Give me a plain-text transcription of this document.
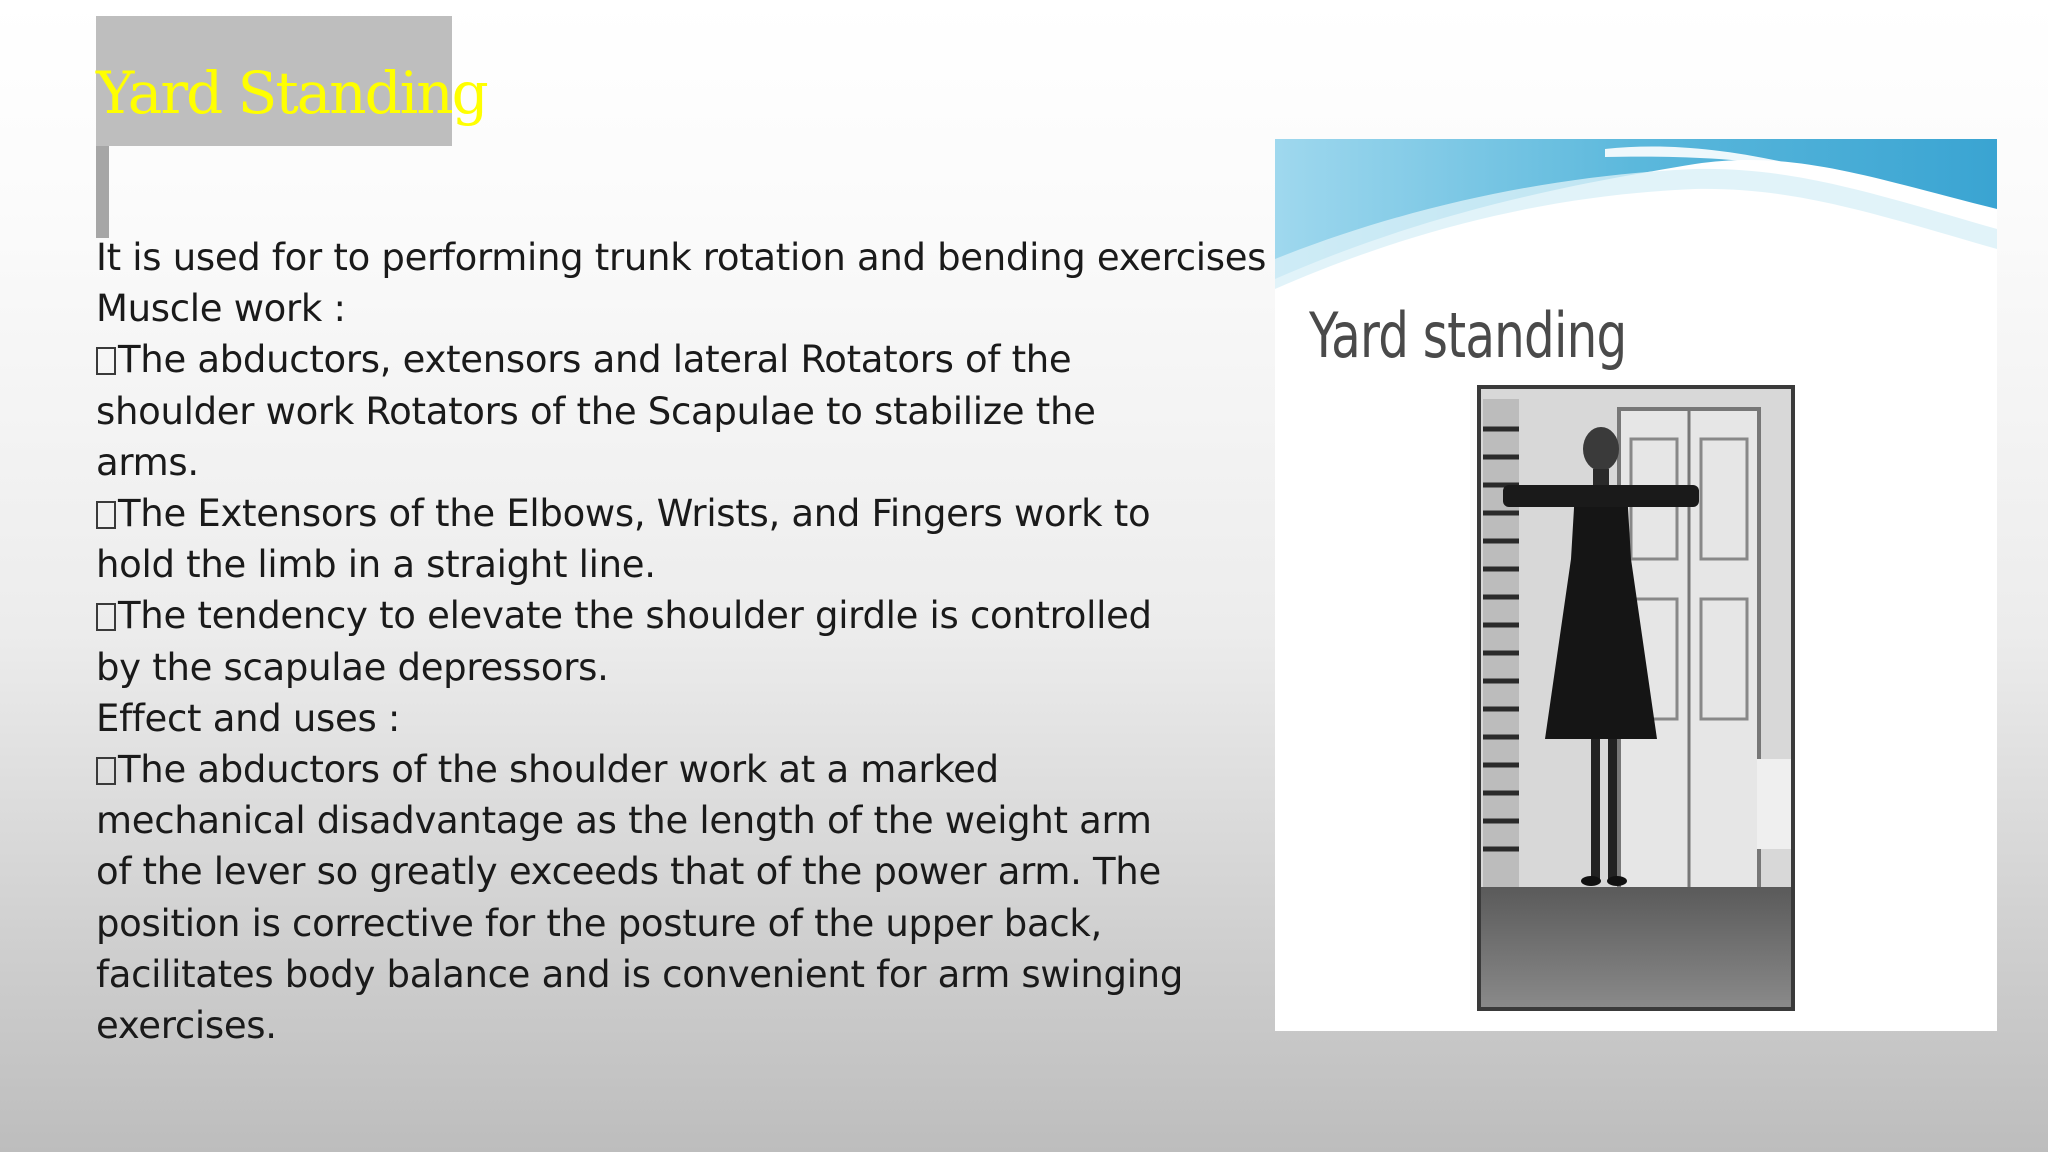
Yard Standing
It is used for to performing trunk rotation and bending exercises
Muscle work :
The abductors, extensors and lateral Rotators of the
shoulder work Rotators of the Scapulae to stabilize the
arms.
The Extensors of the Elbows, Wrists, and Fingers work to
hold the limb in a straight line.
The tendency to elevate the shoulder girdle is controlled
by the scapulae depressors.
Effect and uses :
The abductors of the shoulder work at a marked
mechanical disadvantage as the length of the weight arm
of the lever so greatly exceeds that of the power arm. The
position is corrective for the posture of the upper back,
facilitates body balance and is convenient for arm swinging
exercises.
Yard standing
